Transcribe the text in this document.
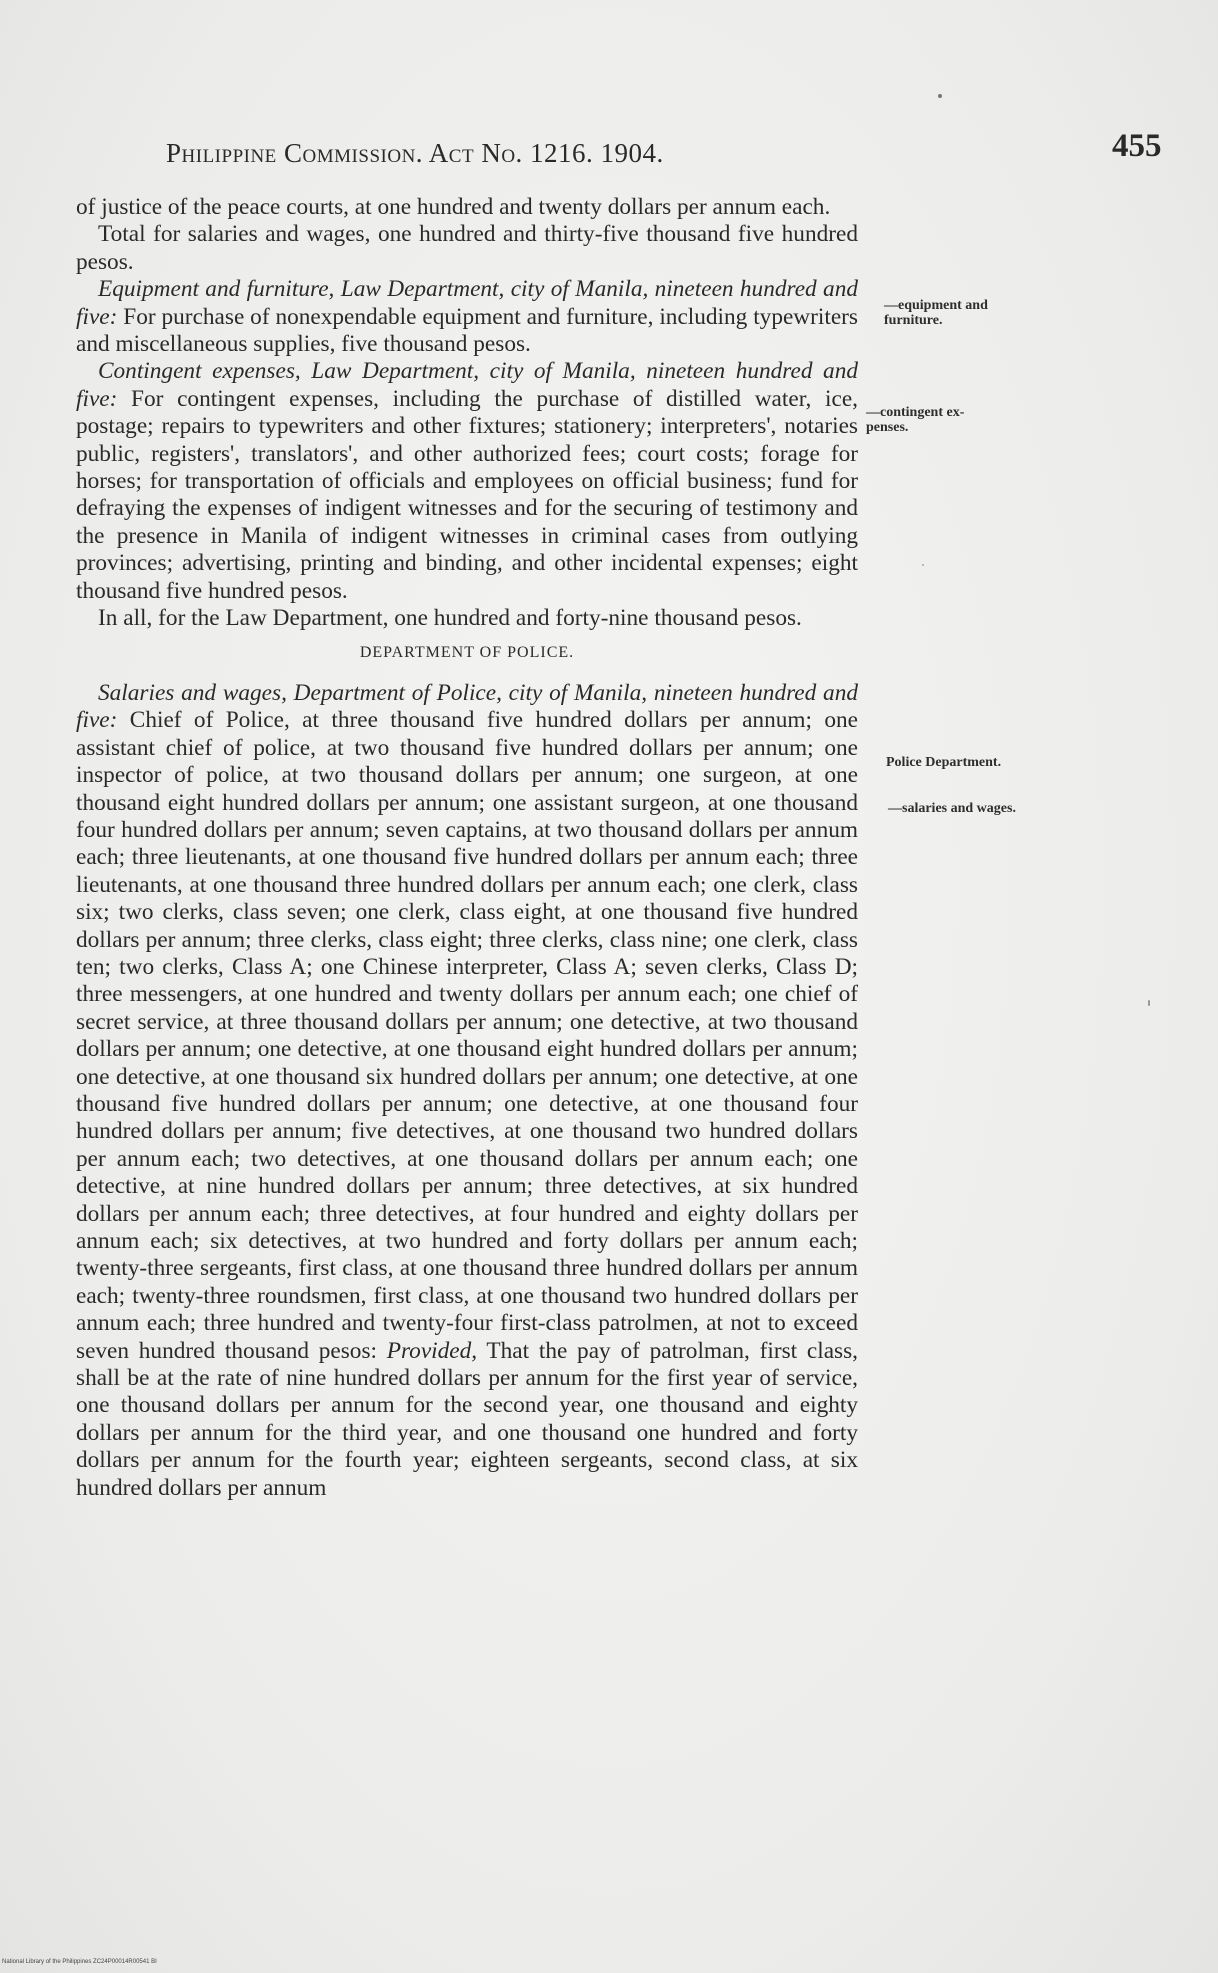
Philippine Commission. Act No. 1216. 1904.	455

of justice of the peace courts, at one hundred and twenty dollars per annum each.

Total for salaries and wages, one hundred and thirty-five thousand five hundred pesos.

Equipment and furniture, Law Department, city of Manila, nineteen hundred and five: For purchase of nonexpendable equipment and furniture, including typewriters and miscellaneous supplies, five thousand pesos.

Contingent expenses, Law Department, city of Manila, nineteen hundred and five: For contingent expenses, including the purchase of distilled water, ice, postage; repairs to typewriters and other fixtures; stationery; interpreters', notaries public, registers', translators', and other authorized fees; court costs; forage for horses; for transportation of officials and employees on official business; fund for defraying the expenses of indigent witnesses and for the securing of testimony and the presence in Manila of indigent witnesses in criminal cases from outlying provinces; advertising, printing and binding, and other incidental expenses; eight thousand five hundred pesos.

In all, for the Law Department, one hundred and forty-nine thousand pesos.

DEPARTMENT OF POLICE.

Salaries and wages, Department of Police, city of Manila, nineteen hundred and five: Chief of Police, at three thousand five hundred dollars per annum; one assistant chief of police, at two thousand five hundred dollars per annum; one inspector of police, at two thousand dollars per annum; one surgeon, at one thousand eight hundred dollars per annum; one assistant surgeon, at one thousand four hundred dollars per annum; seven captains, at two thousand dollars per annum each; three lieutenants, at one thousand five hundred dollars per annum each; three lieutenants, at one thousand three hundred dollars per annum each; one clerk, class six; two clerks, class seven; one clerk, class eight, at one thousand five hundred dollars per annum; three clerks, class eight; three clerks, class nine; one clerk, class ten; two clerks, Class A; one Chinese interpreter, Class A; seven clerks, Class D; three messengers, at one hundred and twenty dollars per annum each; one chief of secret service, at three thousand dollars per annum; one detective, at two thousand dollars per annum; one detective, at one thousand eight hundred dollars per annum; one detective, at one thousand six hundred dollars per annum; one detective, at one thousand five hundred dollars per annum; one detective, at one thousand four hundred dollars per annum; five detectives, at one thousand two hundred dollars per annum each; two detectives, at one thousand dollars per annum each; one detective, at nine hundred dollars per annum; three detectives, at six hundred dollars per annum each; three detectives, at four hundred and eighty dollars per annum each; six detectives, at two hundred and forty dollars per annum each; twenty-three sergeants, first class, at one thousand three hundred dollars per annum each; twenty-three roundsmen, first class, at one thousand two hundred dollars per annum each; three hundred and twenty-four first-class patrolmen, at not to exceed seven hundred thousand pesos: Provided, That the pay of patrolman, first class, shall be at the rate of nine hundred dollars per annum for the first year of service, one thousand dollars per annum for the second year, one thousand and eighty dollars per annum for the third year, and one thousand one hundred and forty dollars per annum for the fourth year; eighteen sergeants, second class, at six hundred dollars per annum

—equipment and
furniture.
—contingent ex-
penses.
Police Department.
—salaries and wages.
National Library of the Philippines ZC24P00014R00541 BI
